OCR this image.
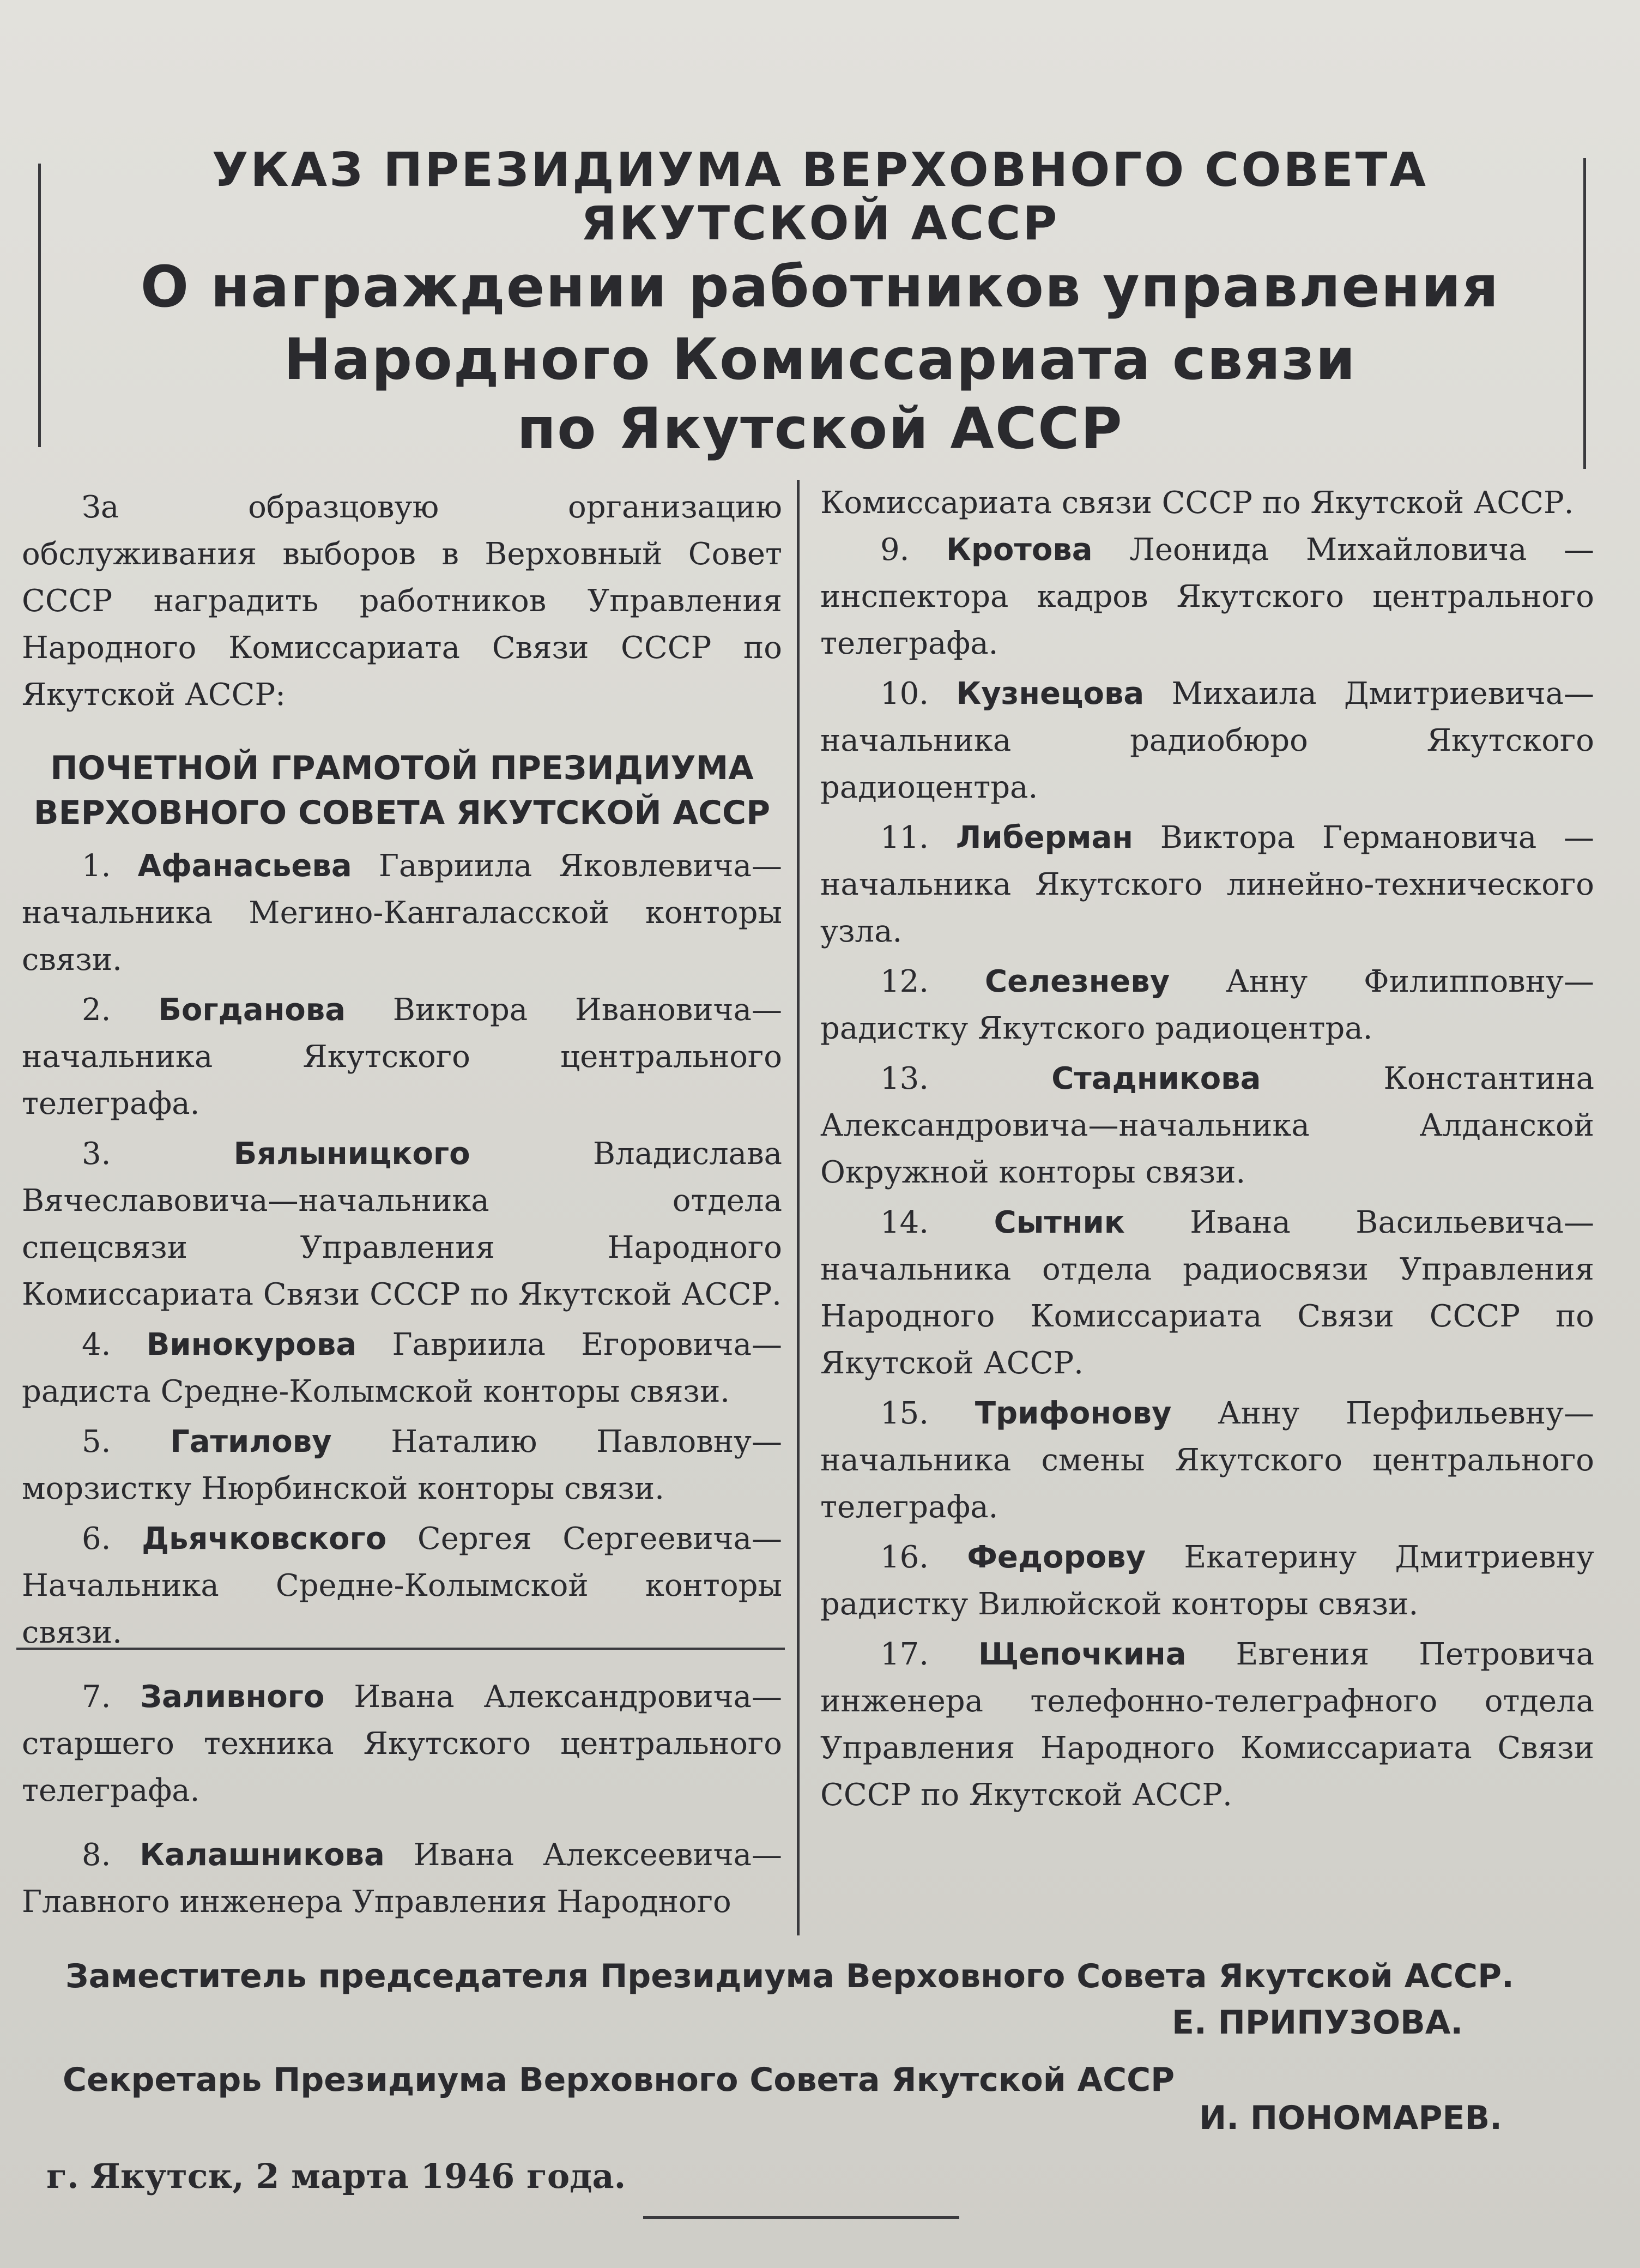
УКАЗ ПРЕЗИДИУМА ВЕРХОВНОГО СОВЕТА
ЯКУТСКОЙ АССР
О награждении работников управления
Народного Комиссариата связи
по Якутской АССР

За образцовую организацию обслуживания выборов в Верховный Совет СССР наградить работников Управления Народного Комиссариата Связи СССР по Якутской АССР:

ПОЧЕТНОЙ ГРАМОТОЙ ПРЕЗИДИУМА ВЕРХОВНОГО СОВЕТА ЯКУТСКОЙ АССР

1. Афанасьева Гавриила Яковлевича—начальника Мегино-Кангаласской конторы связи.

2. Богданова Виктора Ивановича—начальника Якутского центрального телеграфа.

3.	Бялыницкого	Владислава Вячеславовича—начальника отдела спецсвязи Управления Народного Комиссариата Связи СССР по Якутской АССР.

4. Винокурова Гавриила Егоровича—радиста Средне-Колымской конторы связи.

5. Гатилову Наталию Павловну—морзистку Нюрбинской конторы связи.

6. Дьячковского Сергея Сергеевича—Начальника Средне-Колымской конторы связи.

7. Заливного Ивана Александровича—старшего техника Якутского центрального телеграфа.

8. Калашникова Ивана Алексеевича—Главного инженера Управления Народного

Комиссариата связи СССР по Якутской АССР.

9. Кротова Леонида Михайловича — инспектора кадров Якутского центрального телеграфа.

10. Кузнецова Михаила Дмитриевича—начальника радиобюро Якутского радиоцентра.

11. Либерман Виктора Германовича — начальника Якутского линейно-технического узла.

12. Селезневу Анну Филипповну—радистку Якутского радиоцентра.

13.	Стадникова	Константина Александровича—начальника Алданской Окружной конторы связи.

14. Сытник Ивана Васильевича—начальника отдела радиосвязи Управления Народного Комиссариата Связи СССР по Якутской АССР.

15. Трифонову Анну Перфильевну—начальника смены Якутского центрального телеграфа.

16. Федорову Екатерину Дмитриевну радистку Вилюйской конторы связи.

17. Щепочкина Евгения Петровича инженера телефонно-телеграфного отдела Управления Народного Комиссариата Связи СССР по Якутской АССР.

Заместитель председателя Президиума Верховного Совета Якутской АССР.
Е. ПРИПУЗОВА.
Секретарь Президиума Верховного Совета Якутской АССР
И. ПОНОМАРЕВ.
г. Якутск, 2 марта 1946 года.
